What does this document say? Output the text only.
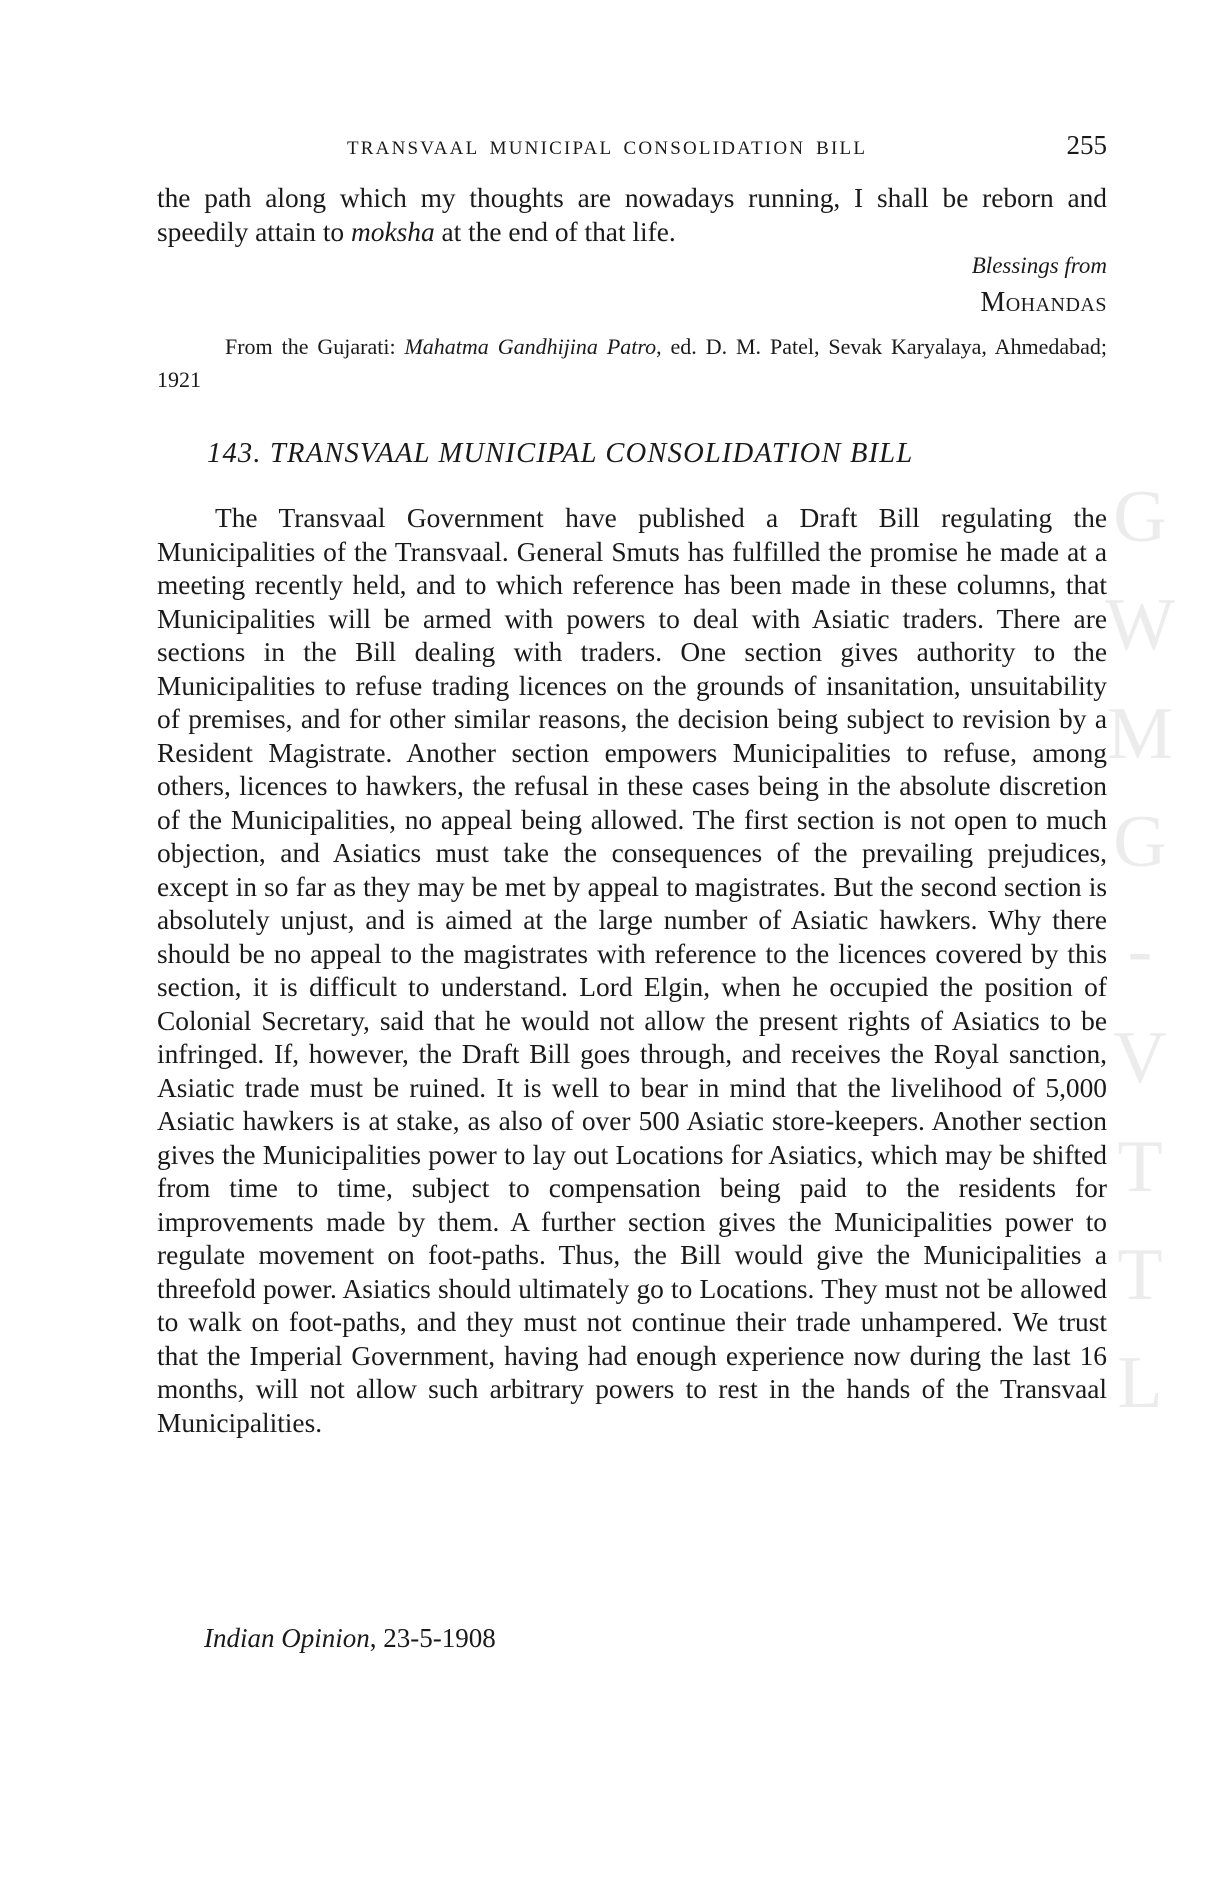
G
W
M
G
-
V
T
T
L
TRANSVAAL MUNICIPAL CONSOLIDATION BILL	255

the path along which my thoughts are nowadays running, I shall be reborn and speedily attain to moksha at the end of that life.

Blessings from
Mohandas

From the Gujarati: Mahatma Gandhijina Patro, ed. D. M. Patel, Sevak Karyalaya, Ahmedabad; 1921

143. TRANSVAAL MUNICIPAL CONSOLIDATION BILL

The Transvaal Government have published a Draft Bill regulating the Municipalities of the Transvaal. General Smuts has fulfilled the promise he made at a meeting recently held, and to which reference has been made in these columns, that Municipalities will be armed with powers to deal with Asiatic traders. There are sections in the Bill dealing with traders. One section gives authority to the Municipalities to refuse trading licences on the grounds of insanitation, unsuitability of premises, and for other similar reasons, the decision being subject to revision by a Resident Magistrate. Another section empowers Municipalities to refuse, among others, licences to hawkers, the refusal in these cases being in the absolute discretion of the Municipalities, no appeal being allowed. The first section is not open to much objection, and Asiatics must take the consequences of the prevailing prejudices, except in so far as they may be met by appeal to magistrates. But the second section is absolutely unjust, and is aimed at the large number of Asiatic hawkers. Why there should be no appeal to the magistrates with reference to the licences covered by this section, it is difficult to understand. Lord Elgin, when he occupied the position of Colonial Secretary, said that he would not allow the present rights of Asiatics to be infringed. If, however, the Draft Bill goes through, and receives the Royal sanction, Asiatic trade must be ruined. It is well to bear in mind that the livelihood of 5,000 Asiatic hawkers is at stake, as also of over 500 Asiatic store-keepers. Another section gives the Municipalities power to lay out Locations for Asiatics, which may be shifted from time to time, subject to compensation being paid to the residents for improvements made by them. A further section gives the Municipalities power to regulate movement on foot-paths. Thus, the Bill would give the Municipalities a threefold power. Asiatics should ultimately go to Locations. They must not be allowed to walk on foot-paths, and they must not continue their trade unhampered. We trust that the Imperial Government, having had enough experience now during the last 16 months, will not allow such arbitrary powers to rest in the hands of the Transvaal Municipalities.

Indian Opinion, 23-5-1908
